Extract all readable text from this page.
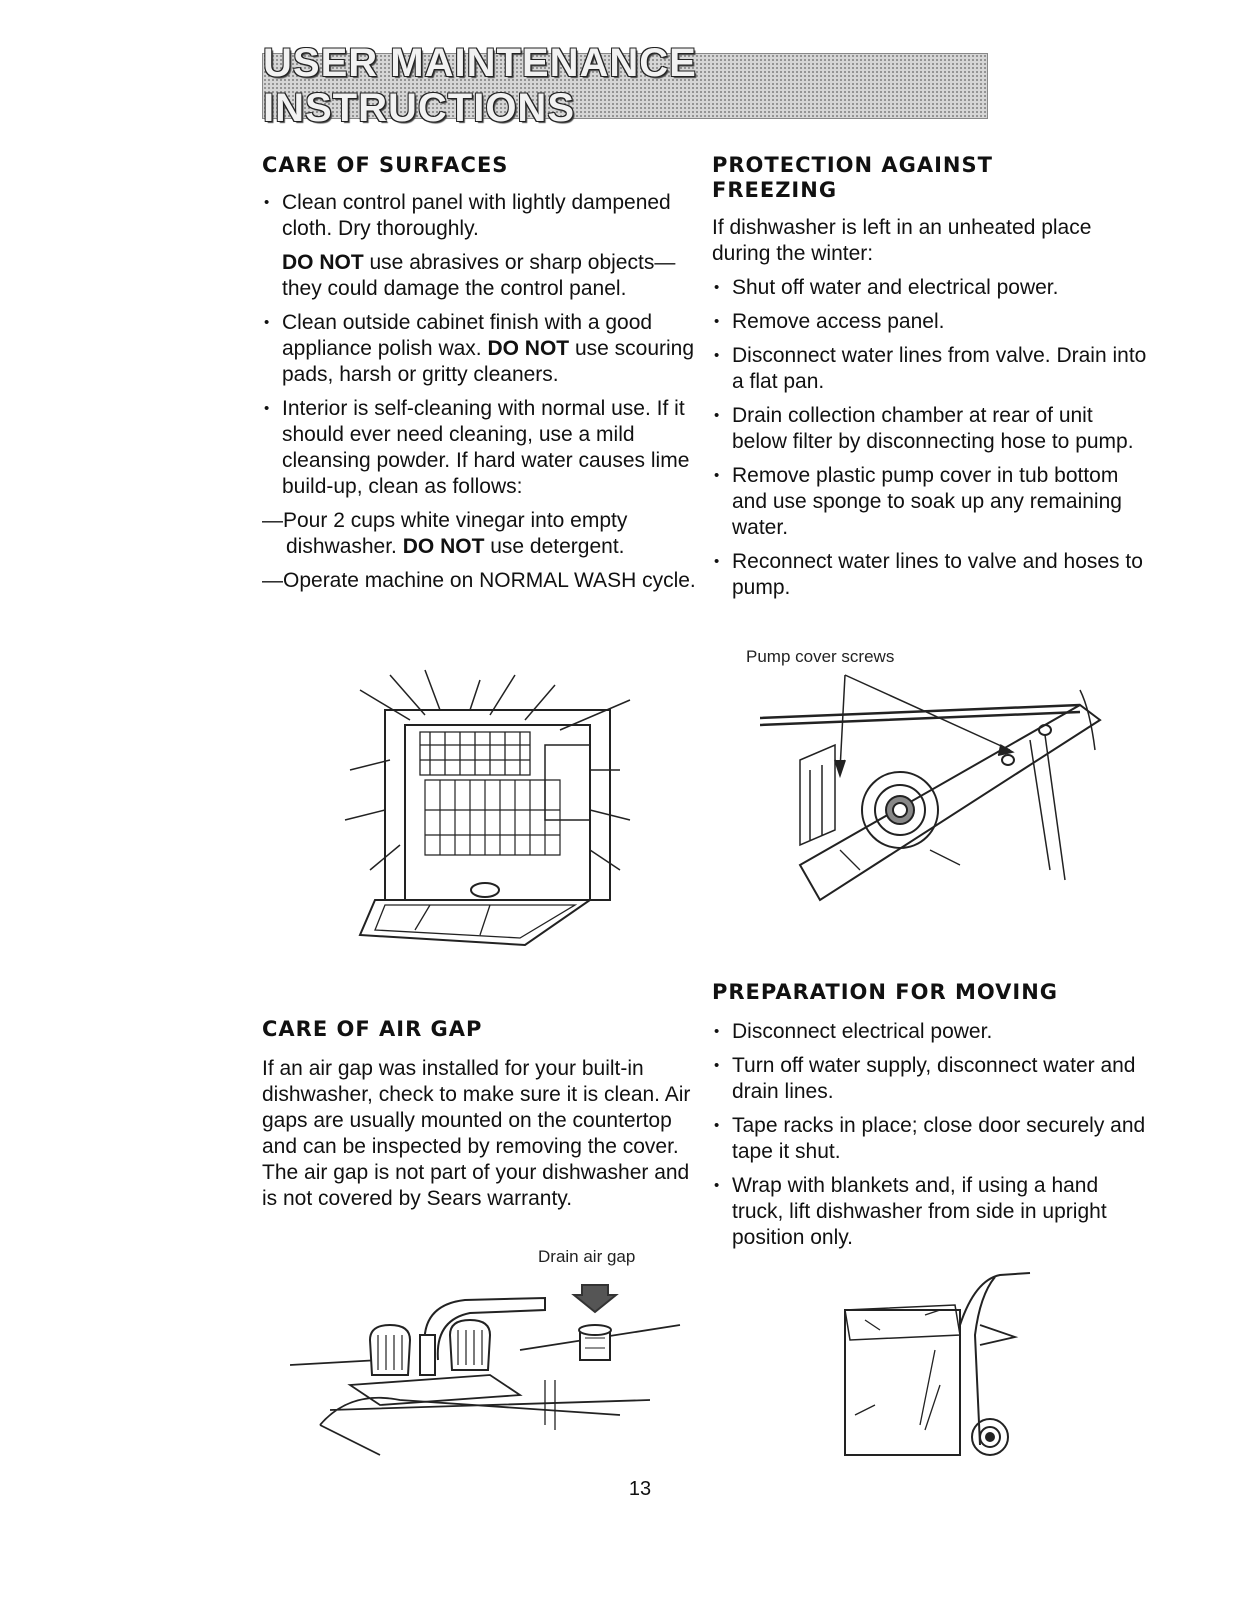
USER MAINTENANCE INSTRUCTIONS

CARE OF SURFACES

• Clean control panel with lightly dampened cloth. Dry thoroughly.

DO NOT use abrasives or sharp objects—they could damage the control panel.

• Clean outside cabinet finish with a good appliance polish wax. DO NOT use scouring pads, harsh or gritty cleaners.

• Interior is self-cleaning with normal use. If it should ever need cleaning, use a mild cleansing powder. If hard water causes lime build-up, clean as follows:

—Pour 2 cups white vinegar into empty dishwasher. DO NOT use detergent.

—Operate machine on NORMAL WASH cycle.

PROTECTION AGAINST

FREEZING

If dishwasher is left in an unheated place during the winter:

• Shut off water and electrical power.

• Remove access panel.

• Disconnect water lines from valve. Drain into a flat pan.

• Drain collection chamber at rear of unit below filter by disconnecting hose to pump.

• Remove plastic pump cover in tub bottom and use sponge to soak up any remaining water.

• Reconnect water lines to valve and hoses to pump.

Pump cover screws

CARE OF AIR GAP

If an air gap was installed for your built-in dishwasher, check to make sure it is clean. Air gaps are usually mounted on the countertop and can be inspected by removing the cover. The air gap is not part of your dishwasher and is not covered by Sears warranty.

Drain air gap

PREPARATION FOR MOVING

• Disconnect electrical power.

• Turn off water supply, disconnect water and drain lines.

• Tape racks in place; close door securely and tape it shut.

• Wrap with blankets and, if using a hand truck, lift dishwasher from side in upright position only.

13
